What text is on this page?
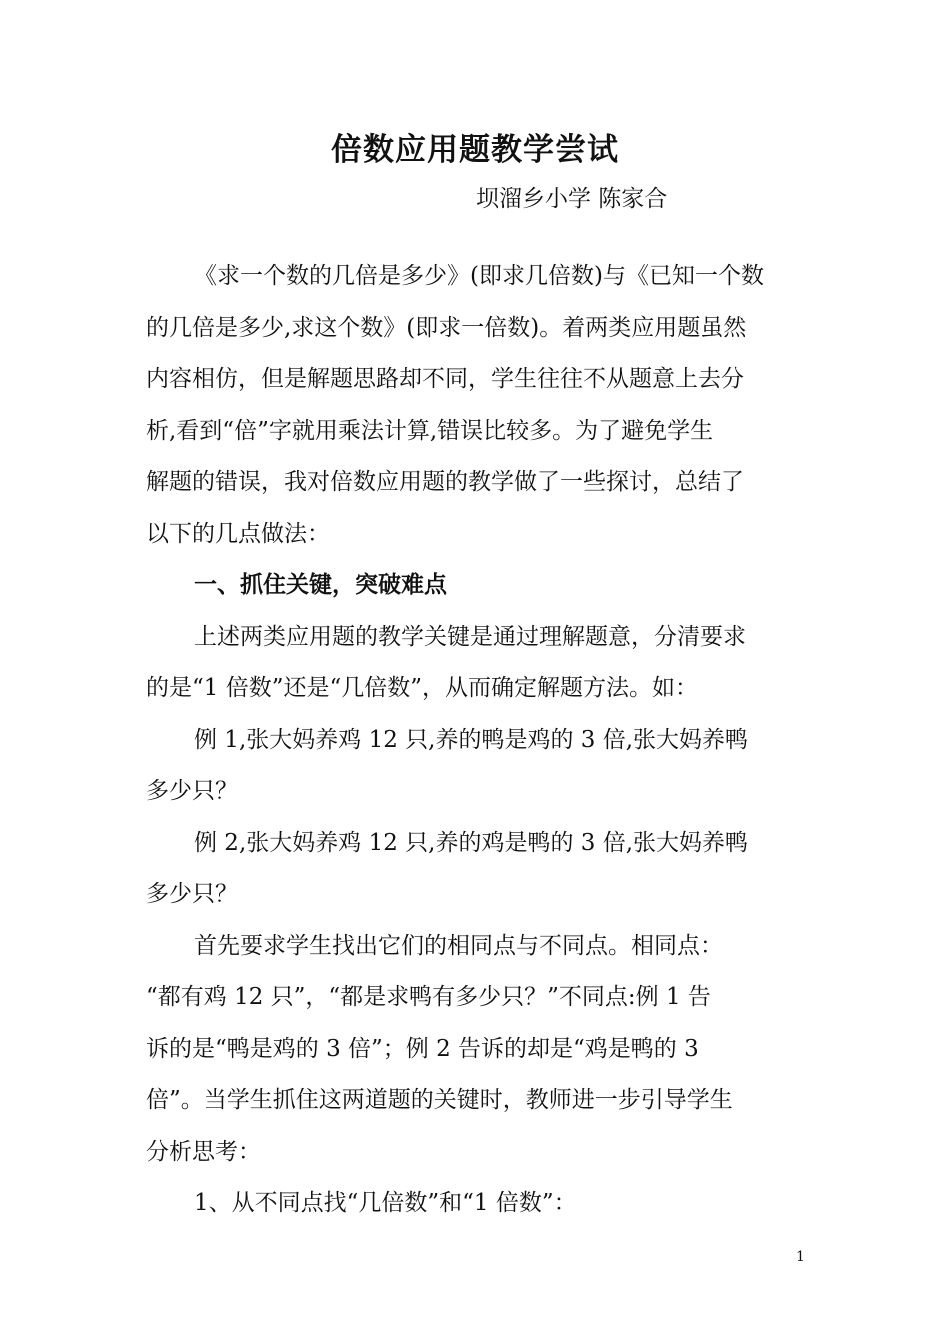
倍数应用题教学尝试
坝溜乡小学 陈家合
《求一个数的几倍是多少》(即求几倍数)与《已知一个数
的几倍是多少,求这个数》(即求一倍数)。着两类应用题虽然
内容相仿，但是解题思路却不同，学生往往不从题意上去分
析,看到“倍”字就用乘法计算,错误比较多。为了避免学生
解题的错误，我对倍数应用题的教学做了一些探讨，总结了
以下的几点做法：
一、抓住关键，突破难点
上述两类应用题的教学关键是通过理解题意，分清要求
的是“1 倍数”还是“几倍数”，从而确定解题方法。如：
例 1,张大妈养鸡 12 只,养的鸭是鸡的 3 倍,张大妈养鸭
多少只？
例 2,张大妈养鸡 12 只,养的鸡是鸭的 3 倍,张大妈养鸭
多少只？
首先要求学生找出它们的相同点与不同点。相同点：
“都有鸡 12 只”，“都是求鸭有多少只？”不同点:例 1 告
诉的是“鸭是鸡的 3 倍”；例 2 告诉的却是“鸡是鸭的 3
倍”。当学生抓住这两道题的关键时，教师进一步引导学生
分析思考：
1、从不同点找“几倍数”和“1 倍数”：
1
